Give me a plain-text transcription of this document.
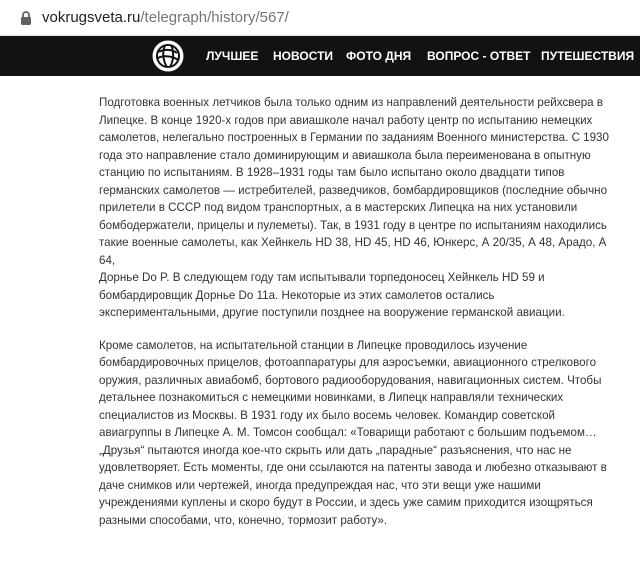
vokrugsveta.ru/telegraph/history/567/
ЛУЧШЕЕ НОВОСТИ ФОТО ДНЯ ВОПРОС - ОТВЕТ ПУТЕШЕСТВИЯ

Подготовка военных летчиков была только одним из направлений деятельности рейхсвера в
Липецке. В конце 1920-х годов при авиашколе начал работу центр по испытанию немецких
самолетов, нелегально построенных в Германии по заданиям Военного министерства. С 1930
года это направление стало доминирующим и авиашкола была переименована в опытную
станцию по испытаниям. В 1928–1931 годы там было испытано около двадцати типов
германских самолетов — истребителей, разведчиков, бомбардировщиков (последние обычно
прилетели в СССР под видом транспортных, а в мастерских Липецка на них установили
бомбодержатели, прицелы и пулеметы). Так, в 1931 году в центре по испытаниям находились
такие военные самолеты, как Хейнкель HD 38, HD 45, HD 46, Юнкерс, А 20/35, А 48, Арадо, А 64,
Дорнье Do P. В следующем году там испытывали торпедоносец Хейнкель HD 59 и
бомбардировщик Дорнье Do 11a. Некоторые из этих самолетов остались
экспериментальными, другие поступили позднее на вооружение германской авиации.

Кроме самолетов, на испытательной станции в Липецке проводилось изучение
бомбардировочных прицелов, фотоаппаратуры для аэросъемки, авиационного стрелкового
оружия, различных авиабомб, бортового радиооборудования, навигационных систем. Чтобы
детальнее познакомиться с немецкими новинками, в Липецк направляли технических
специалистов из Москвы. В 1931 году их было восемь человек. Командир советской
авиагруппы в Липецке А. М. Томсон сообщал: «Товарищи работают с большим подъемом…
„Друзья“ пытаются иногда кое-что скрыть или дать „парадные“ разъяснения, что нас не
удовлетворяет. Есть моменты, где они ссылаются на патенты завода и любезно отказывают в
даче снимков или чертежей, иногда предупреждая нас, что эти вещи уже нашими
учреждениями куплены и скоро будут в России, и здесь уже самим приходится изощряться
разными способами, что, конечно, тормозит работу».
